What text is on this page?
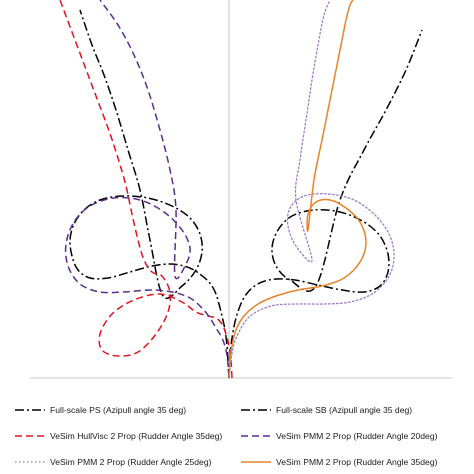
Full-scale PS (Azipull angle 35 deg)	Full-scale SB (Azipull angle 35 deg)
VeSim HullVisc 2 Prop (Rudder Angle 35deg)	VeSim PMM 2 Prop (Rudder Angle 20deg)
VeSim PMM 2 Prop (Rudder Angle 25deg)	VeSim PMM 2 Prop (Rudder Angle 35deg)
